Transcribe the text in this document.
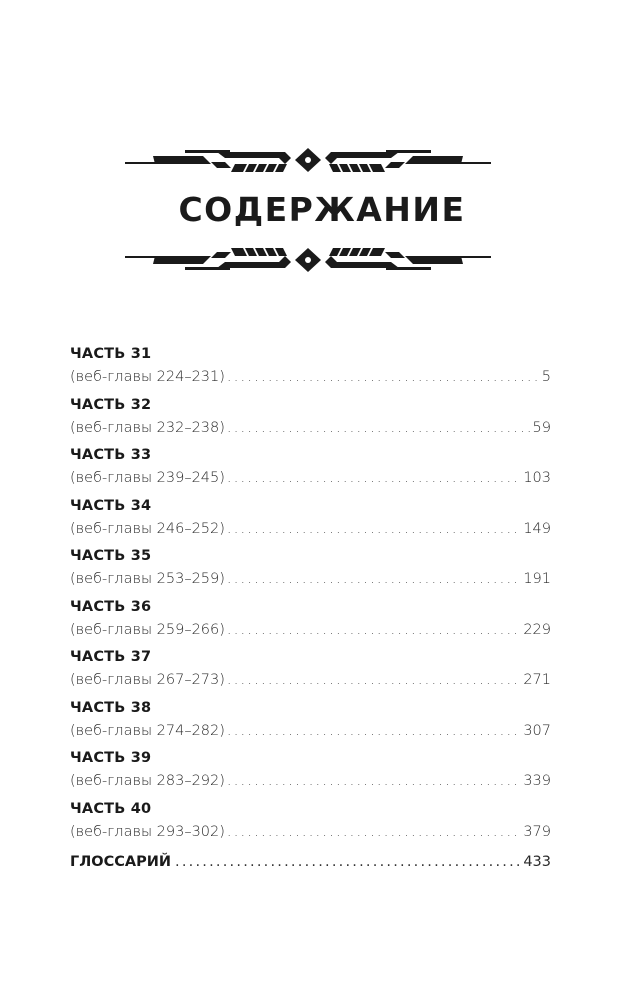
СОДЕРЖАНИЕ
ЧАСТЬ 31
(веб-главы 224–231) . . .	5
ЧАСТЬ 32
(веб-главы 232–238) . . .	59
ЧАСТЬ 33
(веб-главы 239–245) . . .	103
ЧАСТЬ 34
(веб-главы 246–252) . . .	149
ЧАСТЬ 35
(веб-главы 253–259) . . .	191
ЧАСТЬ 36
(веб-главы 259–266) . . .	229
ЧАСТЬ 37
(веб-главы 267–273) . . .	271
ЧАСТЬ 38
(веб-главы 274–282) . . .	307
ЧАСТЬ 39
(веб-главы 283–292) . . .	339
ЧАСТЬ 40
(веб-главы 293–302) . . .	379
ГЛОССАРИЙ . . .	433
